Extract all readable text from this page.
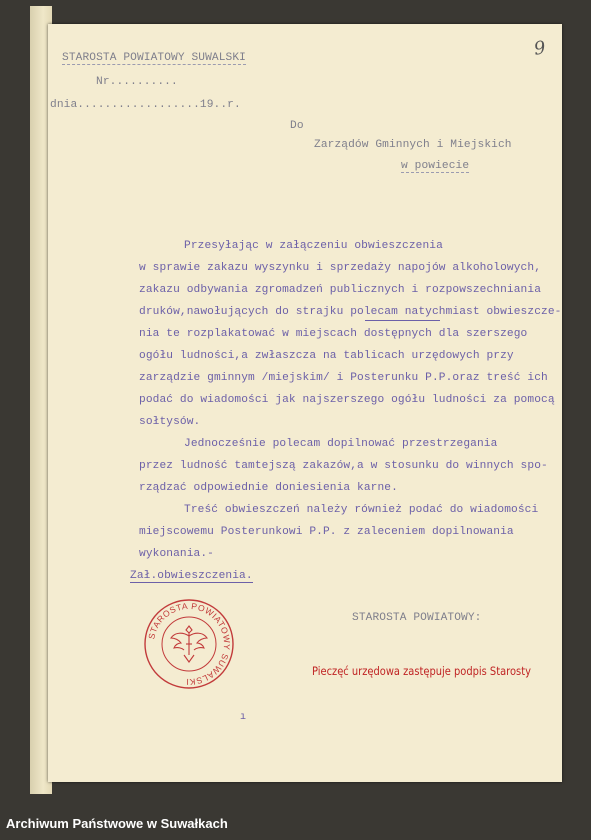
9
STAROSTA POWIATOWY SUWALSKI
Nr..........
dnia..................19..r.
Do
Zarządów Gminnych i Miejskich
w powiecie
Przesyłając w załączeniu obwieszczenia
w sprawie zakazu wyszynku i sprzedaży napojów alkoholowych,
zakazu odbywania zgromadzeń publicznych i rozpowszechniania
druków,nawołujących do strajku polecam natychmiast obwieszcze-
nia te rozplakatować w miejscach dostępnych dla szerszego
ogółu ludności,a zwłaszcza na tablicach urzędowych przy
zarządzie gminnym /miejskim/ i Posterunku P.P.oraz treść ich
podać do wiadomości jak najszerszego ogółu ludności za pomocą
sołtysów.
Jednocześnie polecam dopilnować przestrzegania
przez ludność tamtejszą zakazów,a w stosunku do winnych spo-
rządzać odpowiednie doniesienia karne.
Treść obwieszczeń należy również podać do wiadomości
miejscowemu Posterunkowi P.P. z zaleceniem dopilnowania
wykonania.-
Zał.obwieszczenia.
STAROSTA POWIATOWY:
STAROSTA POWIATOWY SUWALSKI
Pieczęć urzędowa zastępuje podpis Starosty
ı
Archiwum Państwowe w Suwałkach
